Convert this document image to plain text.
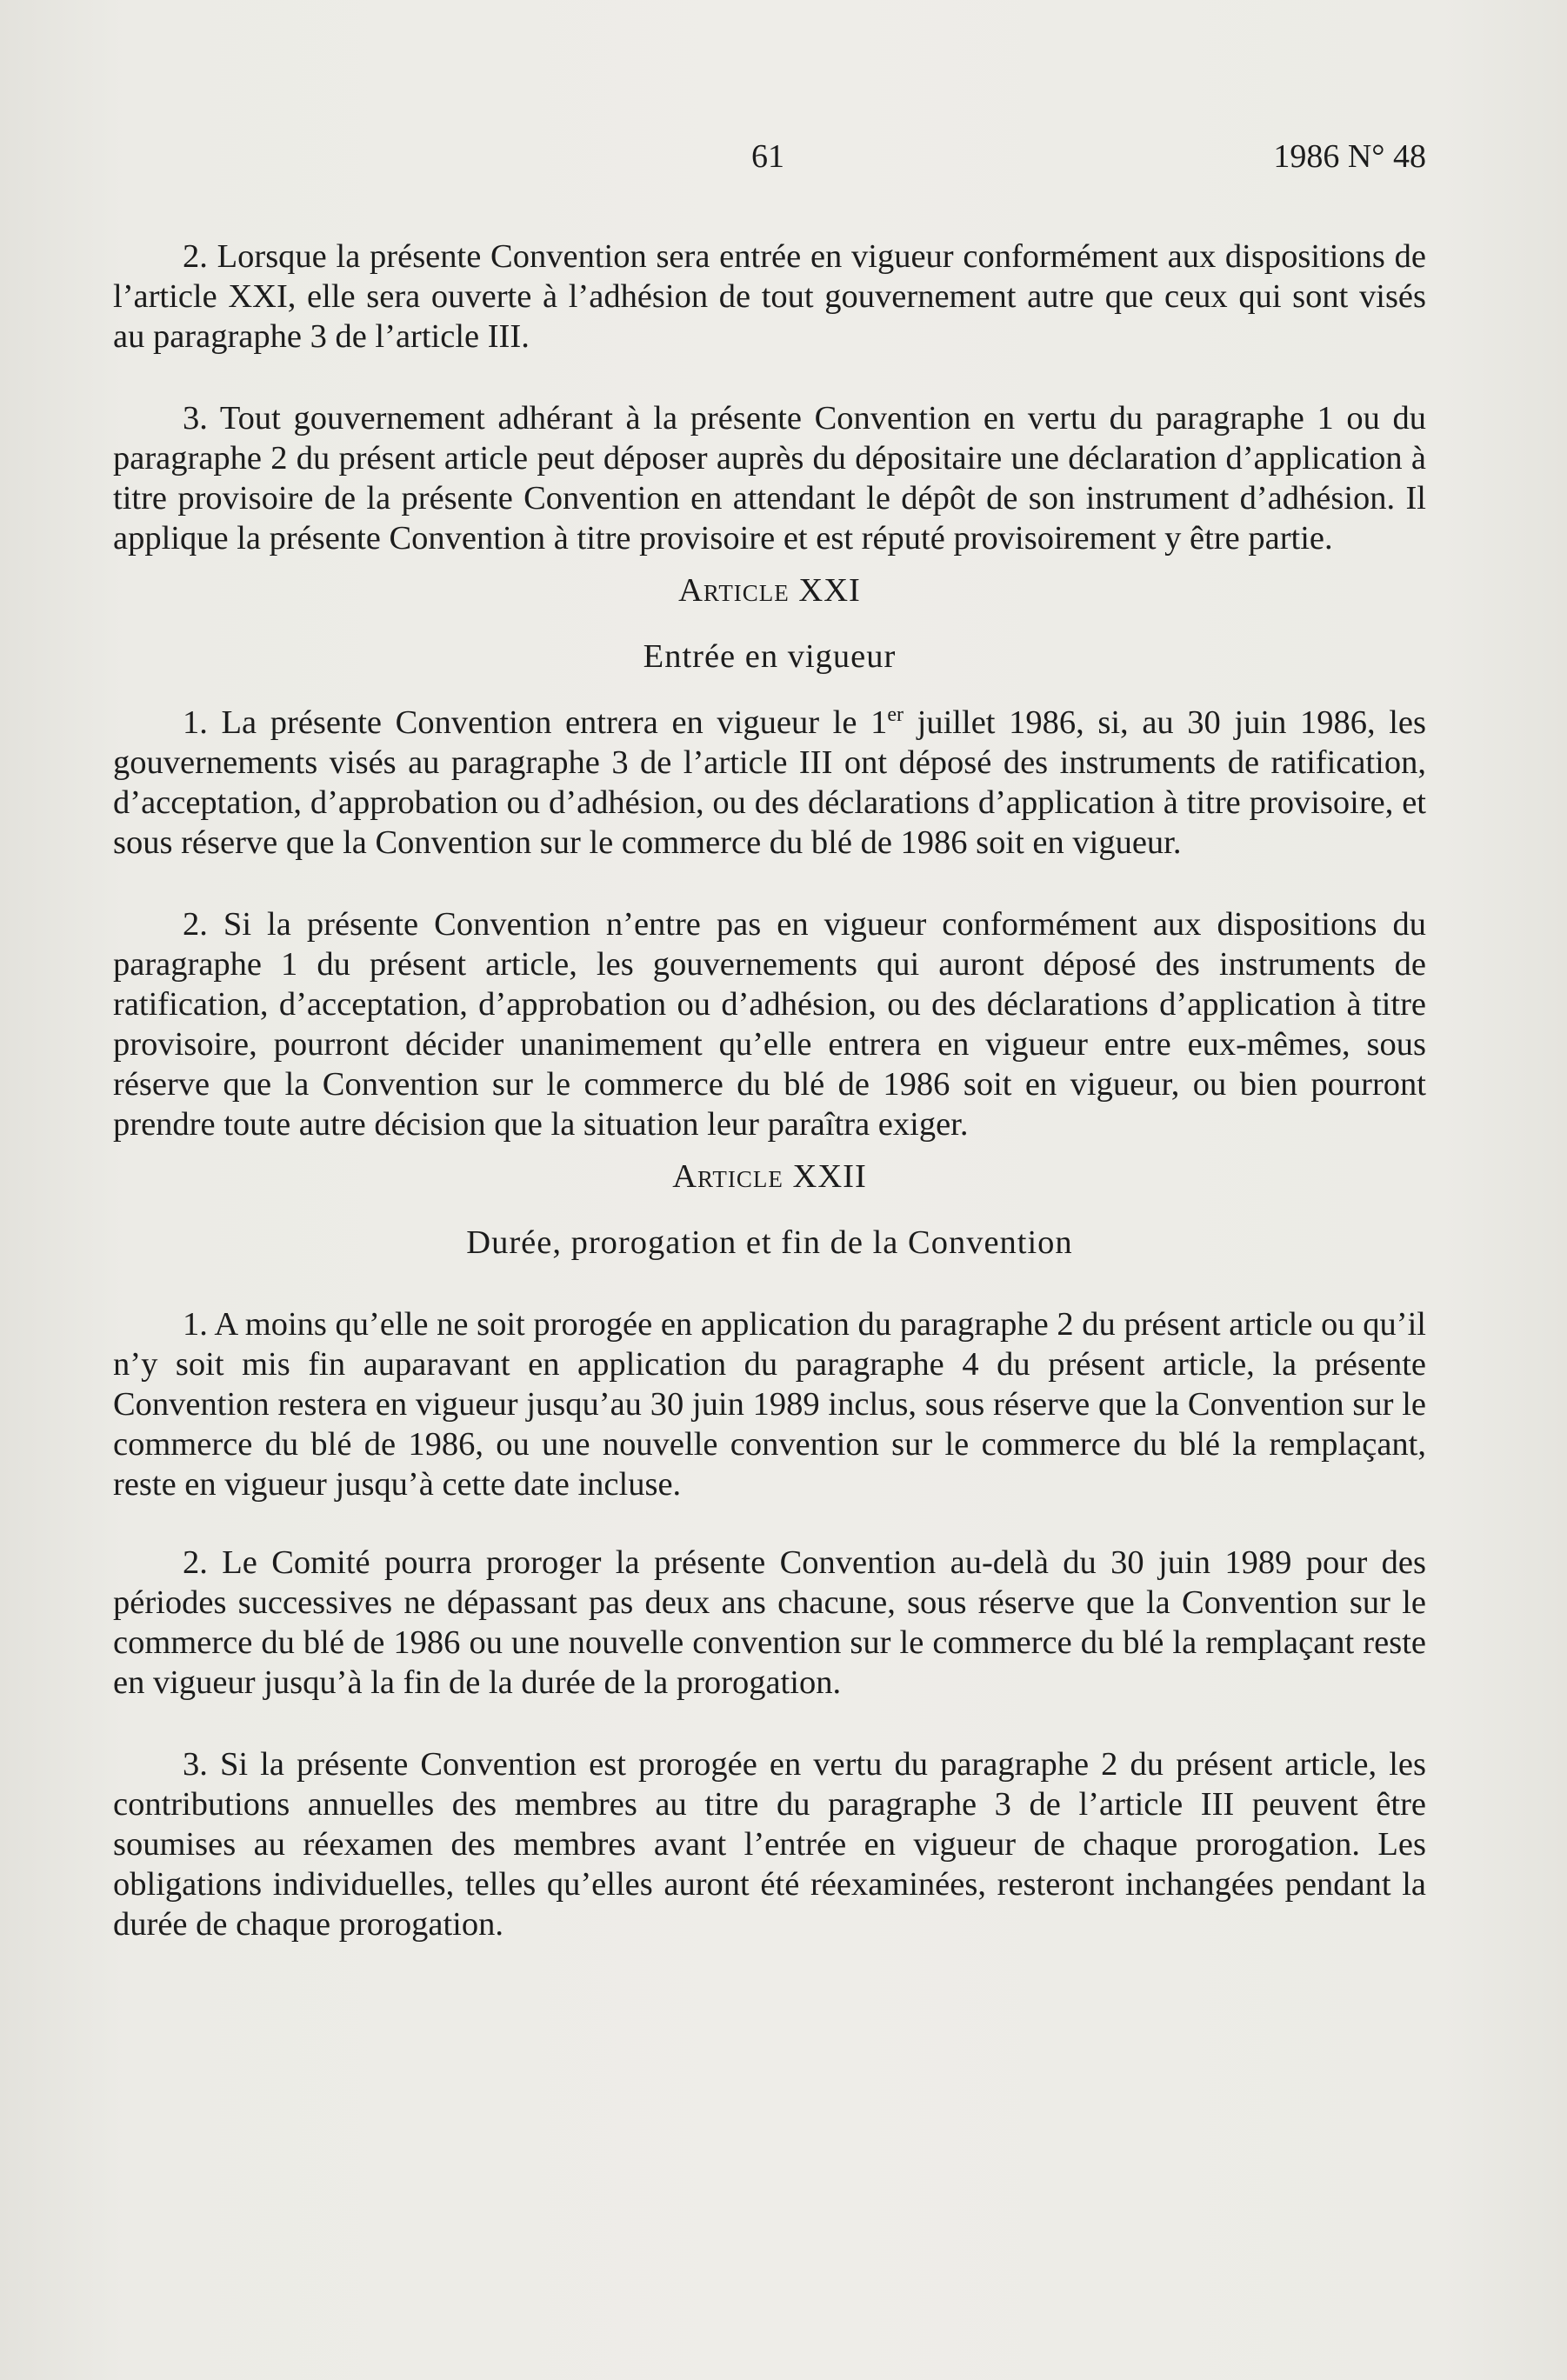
61	1986 N° 48

2. Lorsque la présente Convention sera entrée en vigueur conformément aux dispositions de l’article XXI, elle sera ouverte à l’adhésion de tout gouvernement autre que ceux qui sont visés au paragraphe 3 de l’article III.

3. Tout gouvernement adhérant à la présente Convention en vertu du paragraphe 1 ou du paragraphe 2 du présent article peut déposer auprès du dépositaire une déclaration d’application à titre provisoire de la présente Convention en attendant le dépôt de son instrument d’adhésion. Il applique la présente Convention à titre provisoire et est réputé provisoirement y être partie.

Article XXI

Entrée en vigueur

1. La présente Convention entrera en vigueur le 1er juillet 1986, si, au 30 juin 1986, les gouvernements visés au paragraphe 3 de l’article III ont déposé des instruments de ratification, d’acceptation, d’approbation ou d’adhésion, ou des déclarations d’application à titre provisoire, et sous réserve que la Convention sur le commerce du blé de 1986 soit en vigueur.

2. Si la présente Convention n’entre pas en vigueur conformément aux dispositions du paragraphe 1 du présent article, les gouvernements qui auront déposé des instruments de ratification, d’acceptation, d’approbation ou d’adhésion, ou des déclarations d’application à titre provisoire, pourront décider unanimement qu’elle entrera en vigueur entre eux-mêmes, sous réserve que la Convention sur le commerce du blé de 1986 soit en vigueur, ou bien pourront prendre toute autre décision que la situation leur paraîtra exiger.

Article XXII

Durée, prorogation et fin de la Convention

1. A moins qu’elle ne soit prorogée en application du paragraphe 2 du présent article ou qu’il n’y soit mis fin auparavant en application du paragraphe 4 du présent article, la présente Convention restera en vigueur jusqu’au 30 juin 1989 inclus, sous réserve que la Convention sur le commerce du blé de 1986, ou une nouvelle convention sur le commerce du blé la remplaçant, reste en vigueur jusqu’à cette date incluse.

2. Le Comité pourra proroger la présente Convention au-delà du 30 juin 1989 pour des périodes successives ne dépassant pas deux ans chacune, sous réserve que la Convention sur le commerce du blé de 1986 ou une nouvelle convention sur le commerce du blé la remplaçant reste en vigueur jusqu’à la fin de la durée de la prorogation.

3. Si la présente Convention est prorogée en vertu du paragraphe 2 du présent article, les contributions annuelles des membres au titre du paragraphe 3 de l’article III peuvent être soumises au réexamen des membres avant l’entrée en vigueur de chaque prorogation. Les obligations individuelles, telles qu’elles auront été réexaminées, resteront inchangées pendant la durée de chaque prorogation.
